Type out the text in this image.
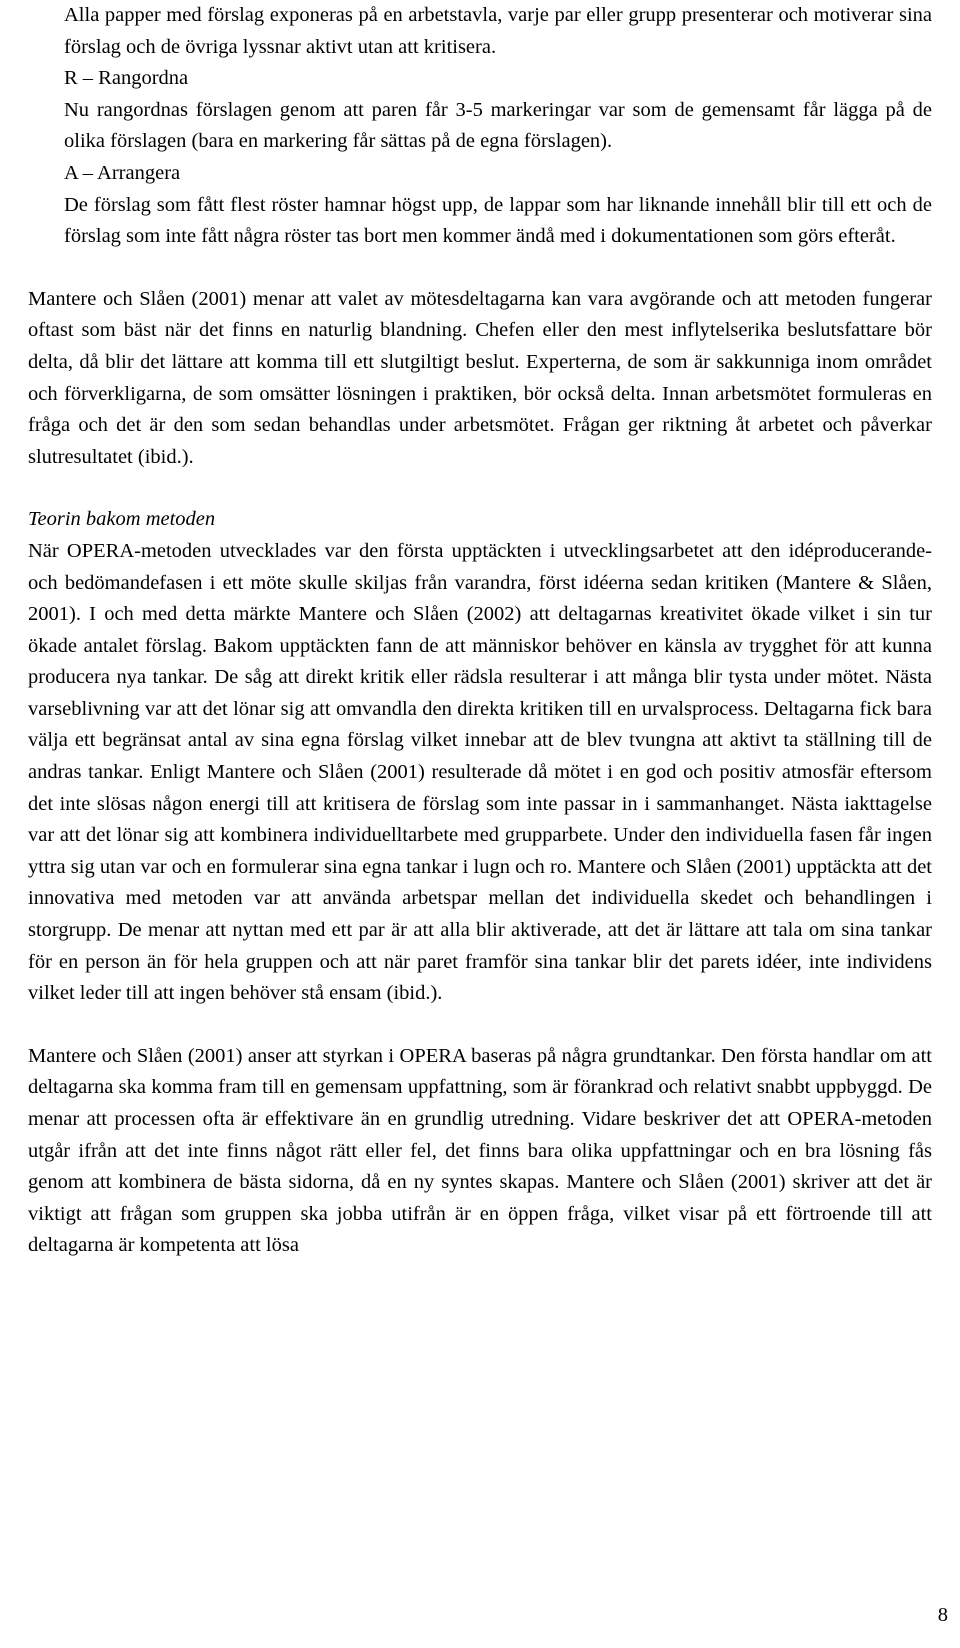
Alla papper med förslag exponeras på en arbetstavla, varje par eller grupp presenterar och motiverar sina förslag och de övriga lyssnar aktivt utan att kritisera.

R – Rangordna

Nu rangordnas förslagen genom att paren får 3-5 markeringar var som de gemensamt får lägga på de olika förslagen (bara en markering får sättas på de egna förslagen).

A – Arrangera

De förslag som fått flest röster hamnar högst upp, de lappar som har liknande innehåll blir till ett och de förslag som inte fått några röster tas bort men kommer ändå med i dokumentationen som görs efteråt.

Mantere och Slåen (2001) menar att valet av mötesdeltagarna kan vara avgörande och att metoden fungerar oftast som bäst när det finns en naturlig blandning. Chefen eller den mest inflytelserika beslutsfattare bör delta, då blir det lättare att komma till ett slutgiltigt beslut. Experterna, de som är sakkunniga inom området och förverkligarna, de som omsätter lösningen i praktiken, bör också delta. Innan arbetsmötet formuleras en fråga och det är den som sedan behandlas under arbetsmötet. Frågan ger riktning åt arbetet och påverkar slutresultatet (ibid.).

Teorin bakom metoden

När OPERA-metoden utvecklades var den första upptäckten i utvecklingsarbetet att den idéproducerande- och bedömandefasen i ett möte skulle skiljas från varandra, först idéerna sedan kritiken (Mantere & Slåen, 2001). I och med detta märkte Mantere och Slåen (2002) att deltagarnas kreativitet ökade vilket i sin tur ökade antalet förslag. Bakom upptäckten fann de att människor behöver en känsla av trygghet för att kunna producera nya tankar. De såg att direkt kritik eller rädsla resulterar i att många blir tysta under mötet. Nästa varseblivning var att det lönar sig att omvandla den direkta kritiken till en urvalsprocess. Deltagarna fick bara välja ett begränsat antal av sina egna förslag vilket innebar att de blev tvungna att aktivt ta ställning till de andras tankar. Enligt Mantere och Slåen (2001) resulterade då mötet i en god och positiv atmosfär eftersom det inte slösas någon energi till att kritisera de förslag som inte passar in i sammanhanget. Nästa iakttagelse var att det lönar sig att kombinera individuelltarbete med grupparbete. Under den individuella fasen får ingen yttra sig utan var och en formulerar sina egna tankar i lugn och ro. Mantere och Slåen (2001) upptäckta att det innovativa med metoden var att använda arbetspar mellan det individuella skedet och behandlingen i storgrupp. De menar att nyttan med ett par är att alla blir aktiverade, att det är lättare att tala om sina tankar för en person än för hela gruppen och att när paret framför sina tankar blir det parets idéer, inte individens vilket leder till att ingen behöver stå ensam (ibid.).

Mantere och Slåen (2001) anser att styrkan i OPERA baseras på några grundtankar. Den första handlar om att deltagarna ska komma fram till en gemensam uppfattning, som är förankrad och relativt snabbt uppbyggd. De menar att processen ofta är effektivare än en grundlig utredning. Vidare beskriver det att OPERA-metoden utgår ifrån att det inte finns något rätt eller fel, det finns bara olika uppfattningar och en bra lösning fås genom att kombinera de bästa sidorna, då en ny syntes skapas. Mantere och Slåen (2001) skriver att det är viktigt att frågan som gruppen ska jobba utifrån är en öppen fråga, vilket visar på ett förtroende till att deltagarna är kompetenta att lösa

8
